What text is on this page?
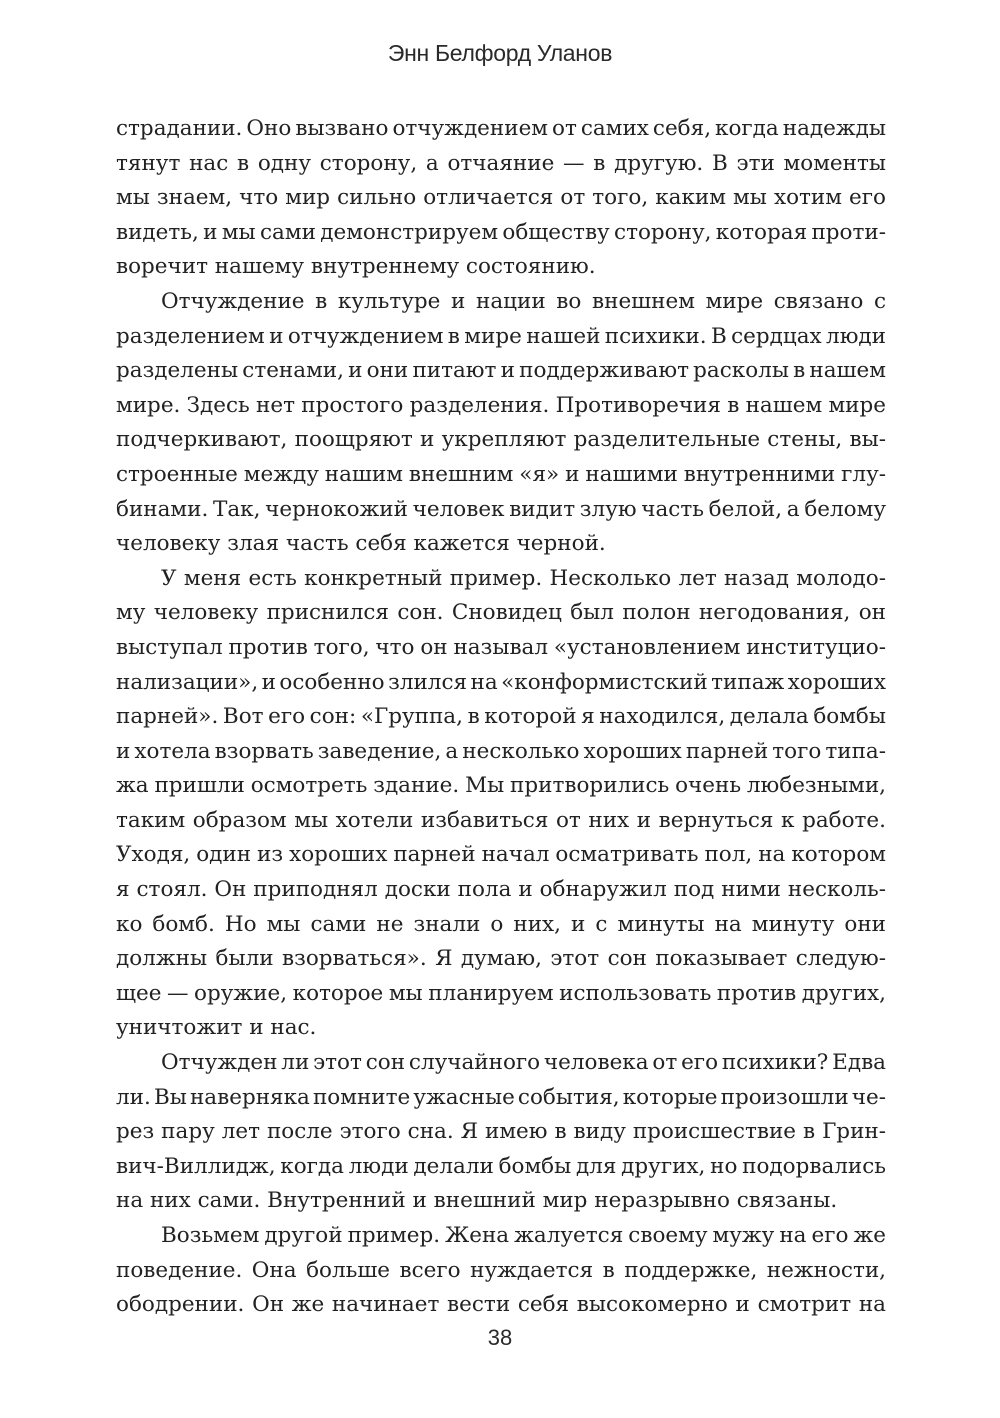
Энн Белфорд Уланов

страдании. Оно вызвано отчуждением от самих себя, когда надежды
тянут нас в одну сторону, а отчаяние — в другую. В эти моменты
мы знаем, что мир сильно отличается от того, каким мы хотим его
видеть, и мы сами демонстрируем обществу сторону, которая проти-
воречит нашему внутреннему состоянию.

Отчуждение в культуре и нации во внешнем мире связано с
разделением и отчуждением в мире нашей психики. В сердцах люди
разделены стенами, и они питают и поддерживают расколы в нашем
мире. Здесь нет простого разделения. Противоречия в нашем мире
подчеркивают, поощряют и укрепляют разделительные стены, вы-
строенные между нашим внешним «я» и нашими внутренними глу-
бинами. Так, чернокожий человек видит злую часть белой, а белому
человеку злая часть себя кажется черной.

У меня есть конкретный пример. Несколько лет назад молодо-
му человеку приснился сон. Сновидец был полон негодования, он
выступал против того, что он называл «установлением институцио-
нализации», и особенно злился на «конформистский типаж хороших
парней». Вот его сон: «Группа, в которой я находился, делала бомбы
и хотела взорвать заведение, а несколько хороших парней того типа-
жа пришли осмотреть здание. Мы притворились очень любезными,
таким образом мы хотели избавиться от них и вернуться к работе.
Уходя, один из хороших парней начал осматривать пол, на котором
я стоял. Он приподнял доски пола и обнаружил под ними несколь-
ко бомб. Но мы сами не знали о них, и с минуты на минуту они
должны были взорваться». Я думаю, этот сон показывает следую-
щее — оружие, которое мы планируем использовать против других,
уничтожит и нас.

Отчужден ли этот сон случайного человека от его психики? Едва
ли. Вы наверняка помните ужасные события, которые произошли че-
рез пару лет после этого сна. Я имею в виду происшествие в Грин-
вич-Виллидж, когда люди делали бомбы для других, но подорвались
на них сами. Внутренний и внешний мир неразрывно связаны.

Возьмем другой пример. Жена жалуется своему мужу на его же
поведение. Она больше всего нуждается в поддержке, нежности,
ободрении. Он же начинает вести себя высокомерно и смотрит на

38
